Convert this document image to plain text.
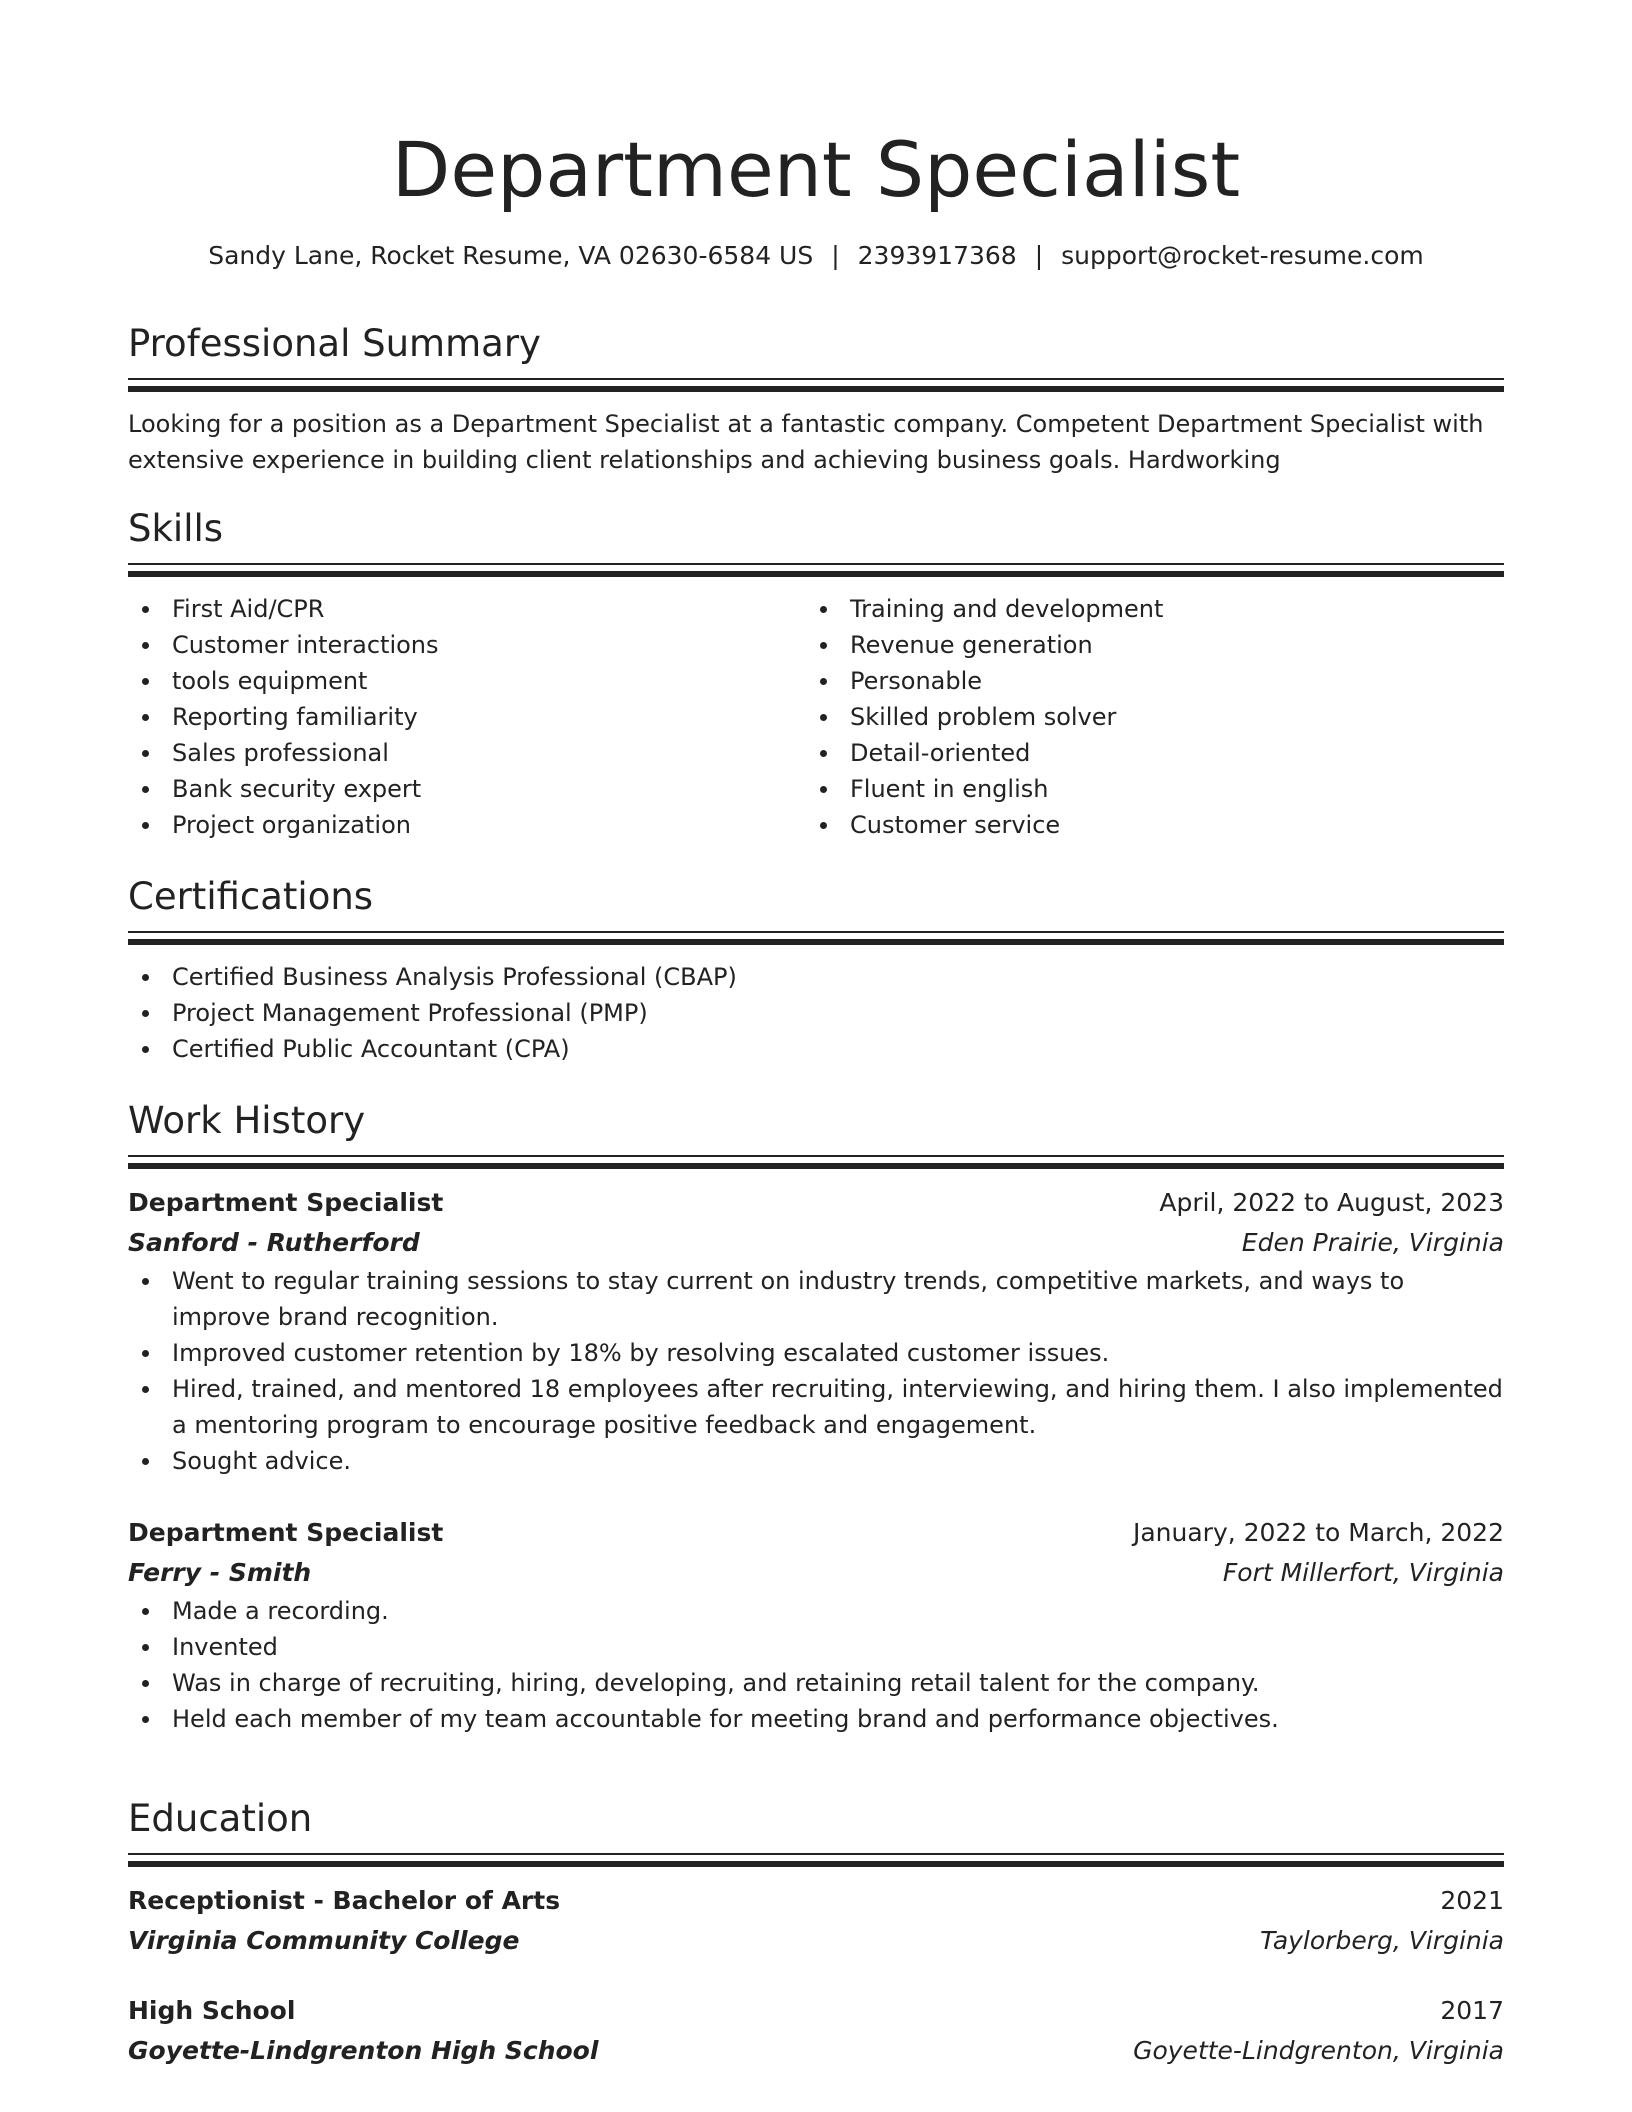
Department Specialist
Sandy Lane, Rocket Resume, VA 02630-6584 US | 2393917368 | support@rocket-resume.com
Professional Summary
Looking for a position as a Department Specialist at a fantastic company. Competent Department Specialist with extensive experience in building client relationships and achieving business goals. Hardworking
Skills
First Aid/CPR
Customer interactions
tools equipment
Reporting familiarity
Sales professional
Bank security expert
Project organization
Training and development
Revenue generation
Personable
Skilled problem solver
Detail-oriented
Fluent in english
Customer service
Certifications
Certified Business Analysis Professional (CBAP)
Project Management Professional (PMP)
Certified Public Accountant (CPA)
Work History
Department Specialist	April, 2022 to August, 2023
Sanford - Rutherford	Eden Prairie, Virginia
Went to regular training sessions to stay current on industry trends, competitive markets, and ways to improve brand recognition.
Improved customer retention by 18% by resolving escalated customer issues.
Hired, trained, and mentored 18 employees after recruiting, interviewing, and hiring them. I also implemented a mentoring program to encourage positive feedback and engagement.
Sought advice.
Department Specialist	January, 2022 to March, 2022
Ferry - Smith	Fort Millerfort, Virginia
Made a recording.
Invented
Was in charge of recruiting, hiring, developing, and retaining retail talent for the company.
Held each member of my team accountable for meeting brand and performance objectives.
Education
Receptionist - Bachelor of Arts	2021
Virginia Community College	Taylorberg, Virginia
High School	2017
Goyette-Lindgrenton High School	Goyette-Lindgrenton, Virginia
